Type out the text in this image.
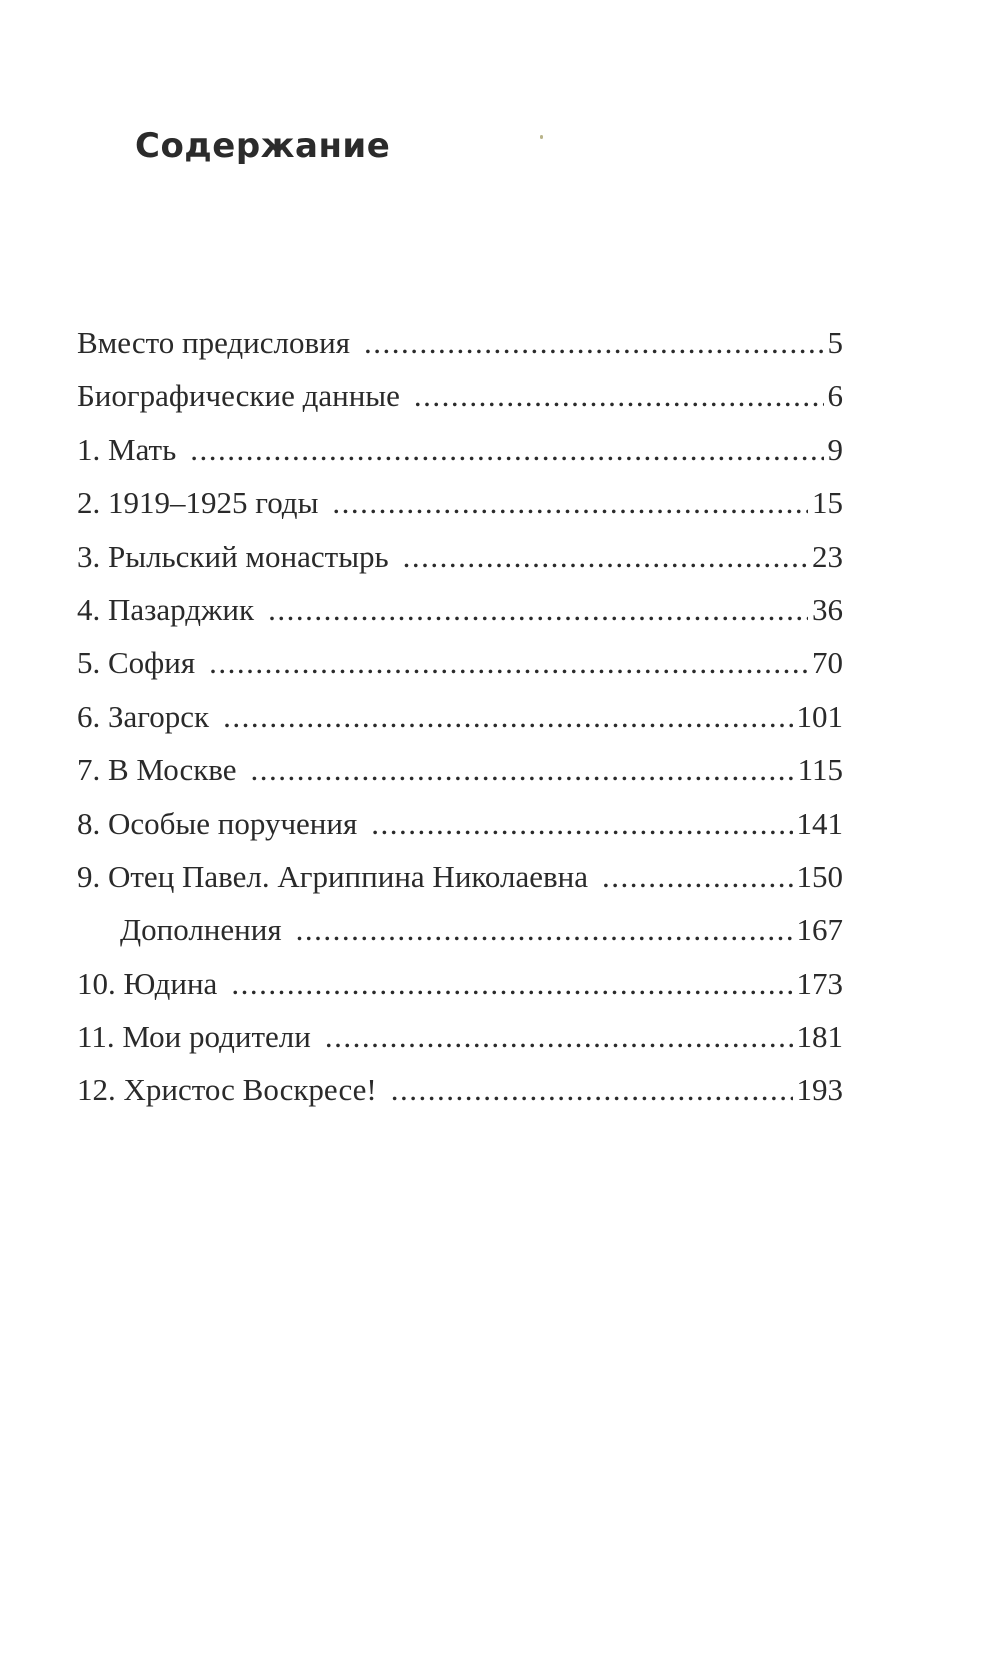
Содержание
Вместо предисловия .....	5
Биографические данные .....	6
1. Мать .....	9
2. 1919–1925 годы .....	15
3. Рыльский монастырь .....	23
4. Пазарджик .....	36
5. София .....	70
6. Загорск .....	101
7. В Москве .....	115
8. Особые поручения .....	141
9. Отец Павел. Агриппина Николаевна .....	150
Дополнения .....	167
10. Юдина .....	173
11. Мои родители .....	181
12. Христос Воскресе! .....	193
